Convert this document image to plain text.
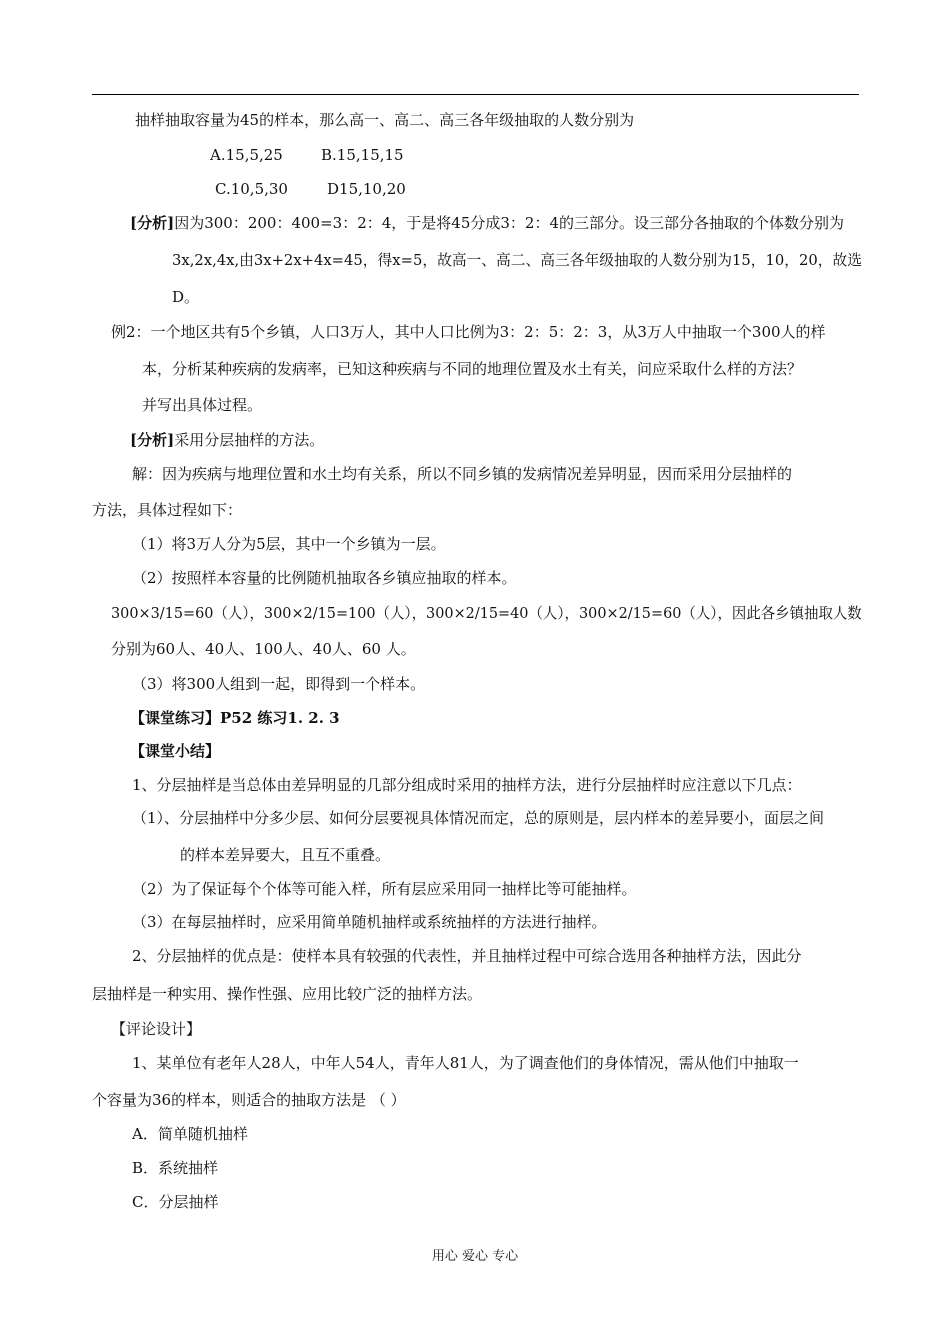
抽样抽取容量为45的样本，那么高一、高二、高三各年级抽取的人数分别为
A.15,5,25	B.15,15,15
C.10,5,30	D15,10,20
[分析]因为300：200：400=3：2：4，于是将45分成3：2：4的三部分。设三部分各抽取的个体数分别为
3x,2x,4x,由3x+2x+4x=45，得x=5，故高一、高二、高三各年级抽取的人数分别为15，10，20，故选
D。
例2：一个地区共有5个乡镇，人口3万人，其中人口比例为3：2：5：2：3，从3万人中抽取一个300人的样
本，分析某种疾病的发病率，已知这种疾病与不同的地理位置及水土有关，问应采取什么样的方法？
并写出具体过程。
[分析]采用分层抽样的方法。
解：因为疾病与地理位置和水土均有关系，所以不同乡镇的发病情况差异明显，因而采用分层抽样的
方法，具体过程如下：
（1）将3万人分为5层，其中一个乡镇为一层。
（2）按照样本容量的比例随机抽取各乡镇应抽取的样本。
300×3/15=60（人），300×2/15=100（人），300×2/15=40（人），300×2/15=60（人），因此各乡镇抽取人数
分别为60人、40人、100人、40人、60 人。
（3）将300人组到一起，即得到一个样本。
【课堂练习】P52 练习1. 2. 3
【课堂小结】
1、分层抽样是当总体由差异明显的几部分组成时采用的抽样方法，进行分层抽样时应注意以下几点：
（1）、分层抽样中分多少层、如何分层要视具体情况而定，总的原则是，层内样本的差异要小，面层之间
的样本差异要大，且互不重叠。
（2）为了保证每个个体等可能入样，所有层应采用同一抽样比等可能抽样。
（3）在每层抽样时，应采用简单随机抽样或系统抽样的方法进行抽样。
2、分层抽样的优点是：使样本具有较强的代表性，并且抽样过程中可综合选用各种抽样方法，因此分
层抽样是一种实用、操作性强、应用比较广泛的抽样方法。
【评论设计】
1、某单位有老年人28人，中年人54人，青年人81人，为了调查他们的身体情况，需从他们中抽取一
个容量为36的样本，则适合的抽取方法是 （ ）
A．简单随机抽样
B．系统抽样
C．分层抽样
用心 爱心 专心
